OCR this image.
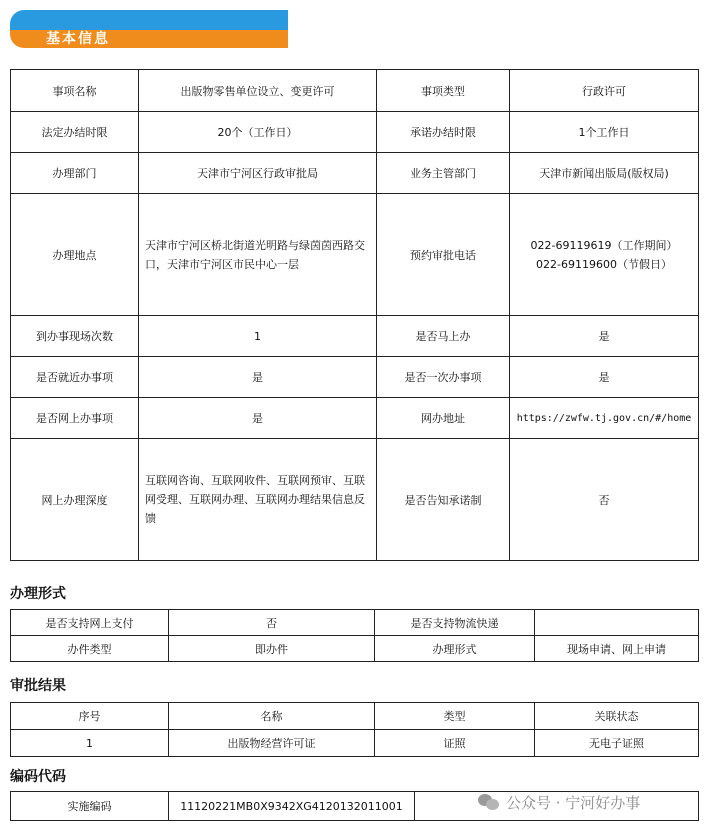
基本信息
事项名称	出版物零售单位设立、变更许可	事项类型	行政许可
法定办结时限	20个（工作日）	承诺办结时限	1个工作日
办理部门	天津市宁河区行政审批局	业务主管部门	天津市新闻出版局(版权局)
办理地点	天津市宁河区桥北街道光明路与绿茵茵西路交口，天津市宁河区市民中心一层	预约审批电话	022-69119619（工作期间）
022-69119600（节假日）

到办事现场次数	1	是否马上办	是
是否就近办事项	是	是否一次办事项	是
是否网上办事项	是	网办地址	https://zwfw.tj.gov.cn/#/home
网上办理深度	互联网咨询、互联网收件、互联网预审、互联网受理、互联网办理、互联网办理结果信息反馈	是否告知承诺制	否
办理形式
是否支持网上支付	否	是否支持物流快递	
办件类型	即办件	办理形式	现场申请、网上申请
审批结果
序号	名称	类型	关联状态
1	出版物经营许可证	证照	无电子证照
编码代码
实施编码	11120221MB0X9342XG4120132011001		公众号 · 宁河好办事
